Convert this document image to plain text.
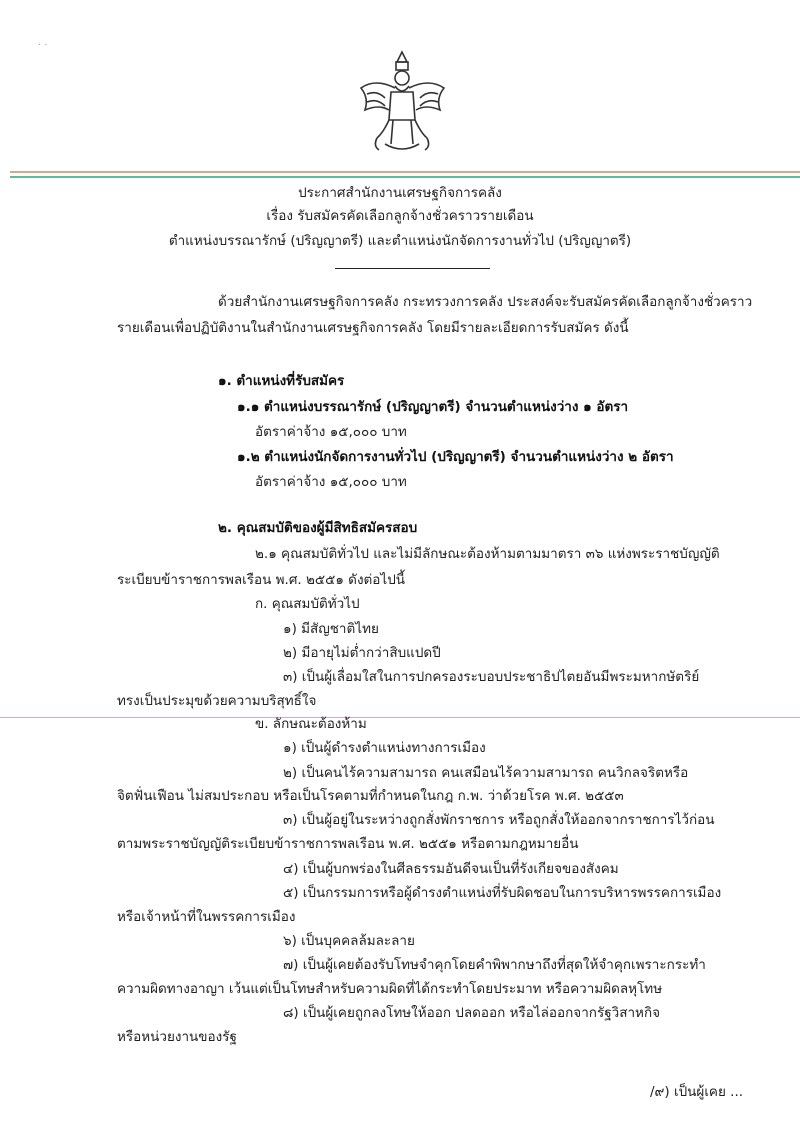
· ·
ประกาศสำนักงานเศรษฐกิจการคลัง
เรื่อง รับสมัครคัดเลือกลูกจ้างชั่วคราวรายเดือน
ตำแหน่งบรรณารักษ์ (ปริญญาตรี) และตำแหน่งนักจัดการงานทั่วไป (ปริญญาตรี)
ด้วยสำนักงานเศรษฐกิจการคลัง กระทรวงการคลัง ประสงค์จะรับสมัครคัดเลือกลูกจ้างชั่วคราว
รายเดือนเพื่อปฏิบัติงานในสำนักงานเศรษฐกิจการคลัง โดยมีรายละเอียดการรับสมัคร ดังนี้
๑. ตำแหน่งที่รับสมัคร
๑.๑ ตำแหน่งบรรณารักษ์ (ปริญญาตรี) จำนวนตำแหน่งว่าง ๑ อัตรา
อัตราค่าจ้าง ๑๕,๐๐๐ บาท
๑.๒ ตำแหน่งนักจัดการงานทั่วไป (ปริญญาตรี) จำนวนตำแหน่งว่าง ๒ อัตรา
อัตราค่าจ้าง ๑๕,๐๐๐ บาท
๒. คุณสมบัติของผู้มีสิทธิสมัครสอบ
๒.๑ คุณสมบัติทั่วไป และไม่มีลักษณะต้องห้ามตามมาตรา ๓๖ แห่งพระราชบัญญัติ
ระเบียบข้าราชการพลเรือน พ.ศ. ๒๕๕๑ ดังต่อไปนี้
ก. คุณสมบัติทั่วไป
๑) มีสัญชาติไทย
๒) มีอายุไม่ต่ำกว่าสิบแปดปี
๓) เป็นผู้เลื่อมใสในการปกครองระบอบประชาธิปไตยอันมีพระมหากษัตริย์
ทรงเป็นประมุขด้วยความบริสุทธิ์ใจ
ข. ลักษณะต้องห้าม
๑) เป็นผู้ดำรงตำแหน่งทางการเมือง
๒) เป็นคนไร้ความสามารถ คนเสมือนไร้ความสามารถ คนวิกลจริตหรือ
จิตฟั่นเฟือน ไม่สมประกอบ หรือเป็นโรคตามที่กำหนดในกฎ ก.พ. ว่าด้วยโรค พ.ศ. ๒๕๕๓
๓) เป็นผู้อยู่ในระหว่างถูกสั่งพักราชการ หรือถูกสั่งให้ออกจากราชการไว้ก่อน
ตามพระราชบัญญัติระเบียบข้าราชการพลเรือน พ.ศ. ๒๕๕๑ หรือตามกฎหมายอื่น
๔) เป็นผู้บกพร่องในศีลธรรมอันดีจนเป็นที่รังเกียจของสังคม
๕) เป็นกรรมการหรือผู้ดำรงตำแหน่งที่รับผิดชอบในการบริหารพรรคการเมือง
หรือเจ้าหน้าที่ในพรรคการเมือง
๖) เป็นบุคคลล้มละลาย
๗) เป็นผู้เคยต้องรับโทษจำคุกโดยคำพิพากษาถึงที่สุดให้จำคุกเพราะกระทำ
ความผิดทางอาญา เว้นแต่เป็นโทษสำหรับความผิดที่ได้กระทำโดยประมาท หรือความผิดลหุโทษ
๘) เป็นผู้เคยถูกลงโทษให้ออก ปลดออก หรือไล่ออกจากรัฐวิสาหกิจ
หรือหน่วยงานของรัฐ
/๙) เป็นผู้เคย ...
